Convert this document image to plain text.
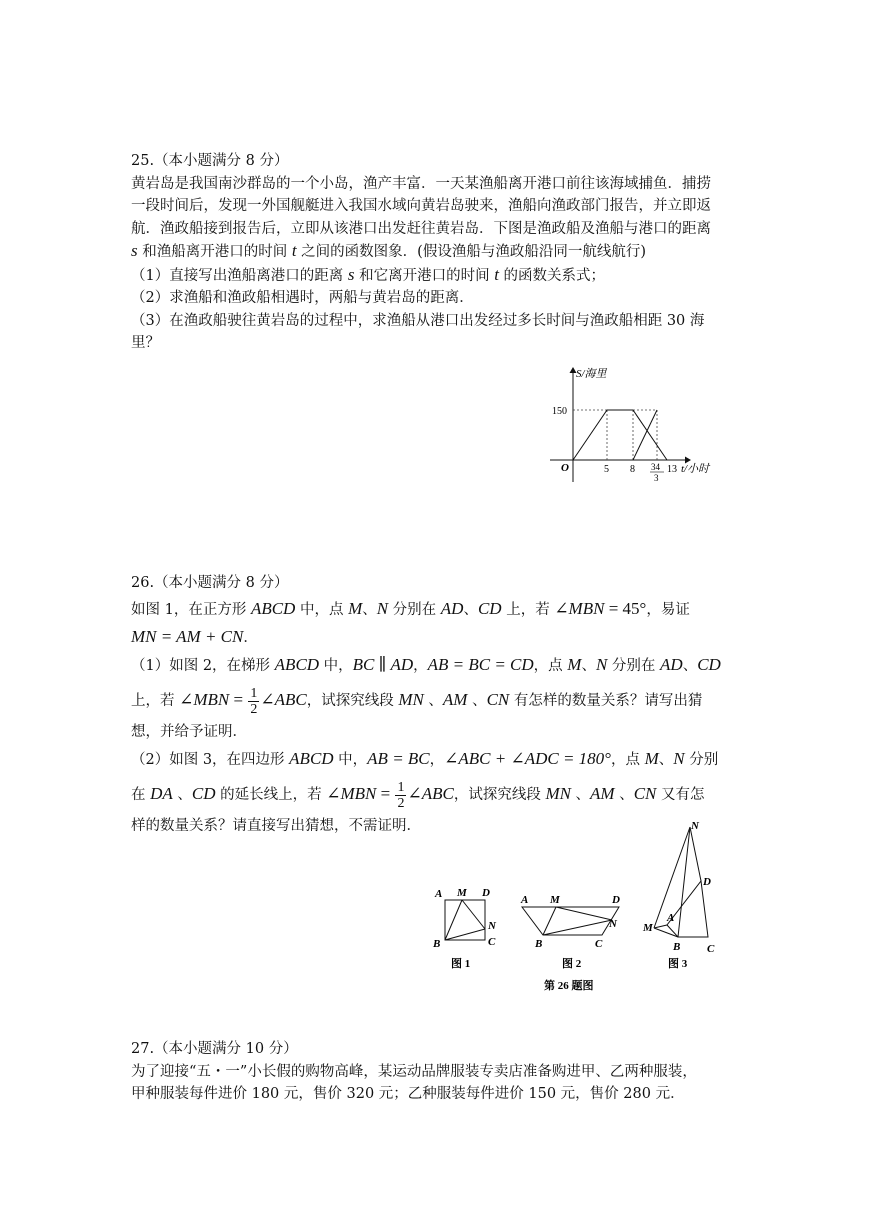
25.（本小题满分 8 分）
黄岩岛是我国南沙群岛的一个小岛，渔产丰富．一天某渔船离开港口前往该海域捕鱼．捕捞
一段时间后，发现一外国舰艇进入我国水域向黄岩岛驶来，渔船向渔政部门报告，并立即返
航．渔政船接到报告后，立即从该港口出发赶往黄岩岛．下图是渔政船及渔船与港口的距离
s 和渔船离开港口的时间 t 之间的函数图象．(假设渔船与渔政船沿同一航线航行)
（1）直接写出渔船离港口的距离 s 和它离开港口的时间 t 的函数关系式；
（2）求渔船和渔政船相遇时，两船与黄岩岛的距离．
（3）在渔政船驶往黄岩岛的过程中，求渔船从港口出发经过多长时间与渔政船相距 30 海
里？
S/海里
t/小时
O
150
5 8 34
3
13
26.（本小题满分 8 分）
如图 1，在正方形 ABCD 中，点 M、N 分别在 AD、CD 上，若 ∠MBN = 45°，易证
MN = AM + CN．
（1）如图 2，在梯形 ABCD 中，BC ∥ AD，AB = BC = CD，点 M、N 分别在 AD、CD
上，若 ∠MBN = $\frac{1}{2}$ ∠ABC，试探究线段 MN 、AM 、CN 有怎样的数量关系？请写出猜
想，并给予证明．
（2）如图 3，在四边形 ABCD 中，AB = BC，∠ABC + ∠ADC = 180°，点 M、N 分别
在 DA 、CD 的延长线上，若 ∠MBN = $\frac{1}{2}$ ∠ABC，试探究线段 MN 、AM 、CN 又有怎
样的数量关系？请直接写出猜想，不需证明．
A M D
B
N
C
图 1
A M	D
B
N
C
图 2
N
D
A
M
B C
图 3
第 26 题图
27.（本小题满分 10 分）
为了迎接“五・一”小长假的购物高峰，某运动品牌服装专卖店准备购进甲、乙两种服装，
甲种服装每件进价 180 元，售价 320 元；乙种服装每件进价 150 元，售价 280 元．
